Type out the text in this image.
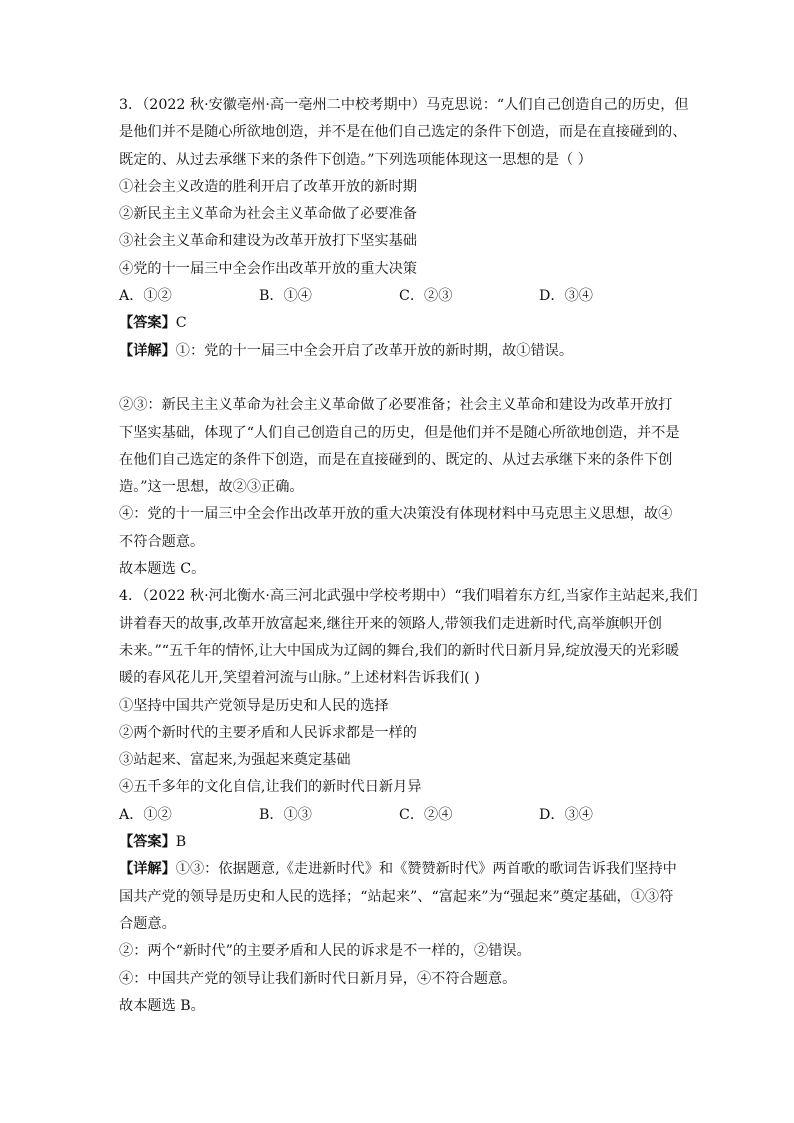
3．（2022 秋·安徽亳州·高一亳州二中校考期中）马克思说：“人们自己创造自己的历史，但
是他们并不是随心所欲地创造，并不是在他们自己选定的条件下创造，而是在直接碰到的、
既定的、从过去承继下来的条件下创造。”下列选项能体现这一思想的是（ ）
①社会主义改造的胜利开启了改革开放的新时期
②新民主主义革命为社会主义革命做了必要准备
③社会主义革命和建设为改革开放打下坚实基础
④党的十一届三中全会作出改革开放的重大决策
A．①②	B．①④	C．②③	D．③④
【答案】C
【详解】①：党的十一届三中全会开启了改革开放的新时期，故①错误。
②③：新民主主义革命为社会主义革命做了必要准备；社会主义革命和建设为改革开放打
下坚实基础，体现了“人们自己创造自己的历史，但是他们并不是随心所欲地创造，并不是
在他们自己选定的条件下创造，而是在直接碰到的、既定的、从过去承继下来的条件下创
造。”这一思想，故②③正确。
④：党的十一届三中全会作出改革开放的重大决策没有体现材料中马克思主义思想，故④
不符合题意。
故本题选 C。
4．（2022 秋·河北衡水·高三河北武强中学校考期中）“我们唱着东方红,当家作主站起来,我们
讲着春天的故事,改革开放富起来,继往开来的领路人,带领我们走进新时代,高举旗帜开创
未来。”“五千年的情怀,让大中国成为辽阔的舞台,我们的新时代日新月异,绽放漫天的光彩暖
暖的春风花儿开,笑望着河流与山脉。”上述材料告诉我们( )
①坚持中国共产党领导是历史和人民的选择
②两个新时代的主要矛盾和人民诉求都是一样的
③站起来、富起来,为强起来奠定基础
④五千多年的文化自信,让我们的新时代日新月异
A．①②	B．①③	C．②④	D．③④
【答案】B
【详解】①③：依据题意,《走进新时代》和《赞赞新时代》两首歌的歌词告诉我们坚持中
国共产党的领导是历史和人民的选择；“站起来”、“富起来”为“强起来”奠定基础，①③符
合题意。
②：两个“新时代”的主要矛盾和人民的诉求是不一样的，②错误。
④：中国共产党的领导让我们新时代日新月异，④不符合题意。
故本题选 B。
